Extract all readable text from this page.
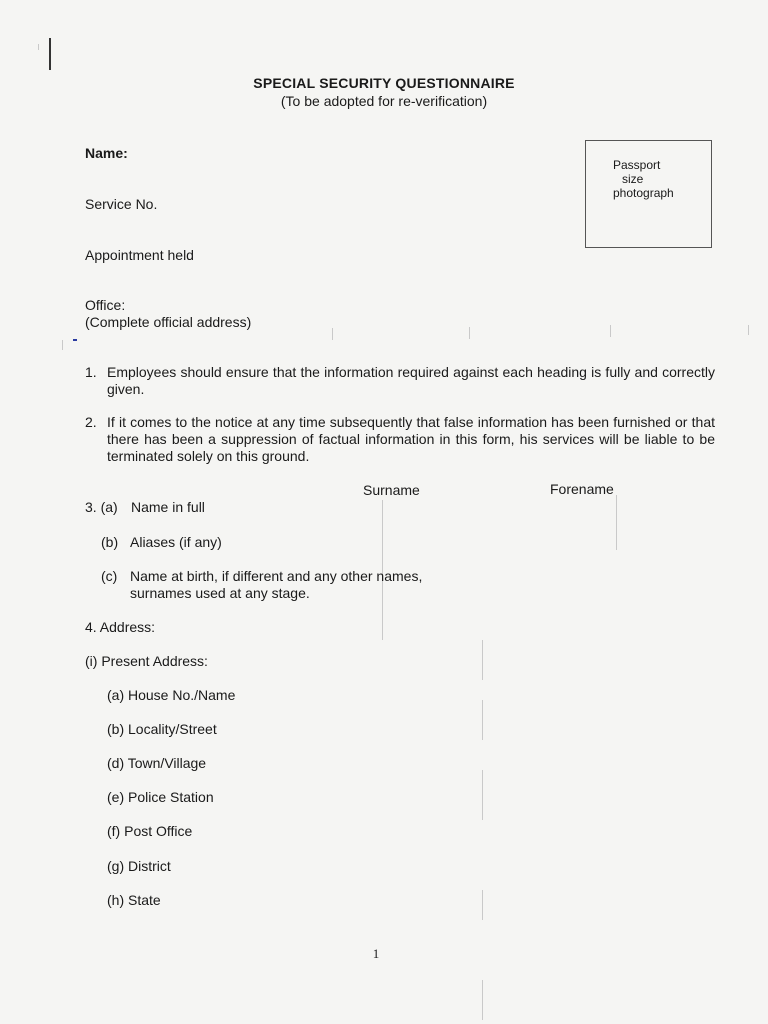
SPECIAL SECURITY QUESTIONNAIRE
(To be adopted for re-verification)
Name:
Service No.
Appointment held
Office:
(Complete official address)
Passport
size
photograph
1. Employees should ensure that the information required against each heading is fully and correctly given.
2. If it comes to the notice at any time subsequently that false information has been furnished or that there has been a suppression of factual information in this form, his services will be liable to be terminated solely on this ground.
Surname	Forename
3. (a) Name in full
(b) Aliases (if any)
(c) Name at birth, if different and any other names,
surnames used at any stage.
4. Address:
(i) Present Address:
(a) House No./Name
(b) Locality/Street
(d) Town/Village
(e) Police Station
(f) Post Office
(g) District
(h) State
1
